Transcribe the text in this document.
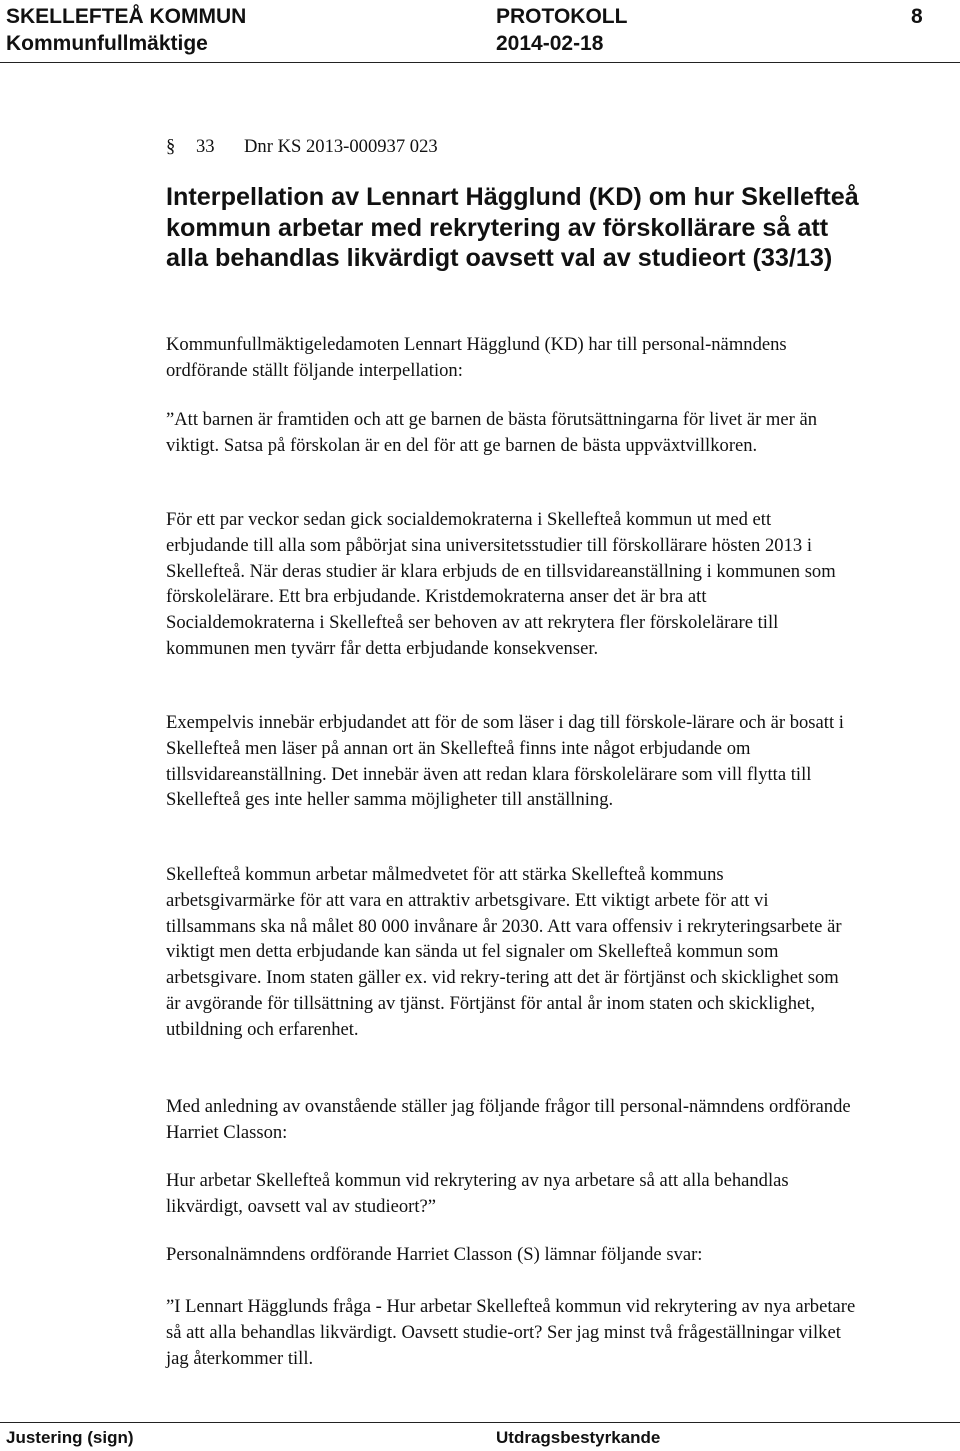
SKELLEFTEÅ KOMMUN	PROTOKOLL	8
Kommunfullmäktige	2014-02-18
§ 33 Dnr KS 2013-000937 023
Interpellation av Lennart Hägglund (KD) om hur Skellefteå kommun arbetar med rekrytering av förskollärare så att alla behandlas likvärdigt oavsett val av studieort (33/13)

Kommunfullmäktigeledamoten Lennart Hägglund (KD) har till personal-nämndens ordförande ställt följande interpellation:

”Att barnen är framtiden och att ge barnen de bästa förutsättningarna för livet är mer än viktigt. Satsa på förskolan är en del för att ge barnen de bästa uppväxtvillkoren.

För ett par veckor sedan gick socialdemokraterna i Skellefteå kommun ut med ett erbjudande till alla som påbörjat sina universitetsstudier till förskollärare hösten 2013 i Skellefteå. När deras studier är klara erbjuds de en tillsvidareanställning i kommunen som förskolelärare. Ett bra erbjudande. Kristdemokraterna anser det är bra att Socialdemokraterna i Skellefteå ser behoven av att rekrytera fler förskolelärare till kommunen men tyvärr får detta erbjudande konsekvenser.

Exempelvis innebär erbjudandet att för de som läser i dag till förskole-lärare och är bosatt i Skellefteå men läser på annan ort än Skellefteå finns inte något erbjudande om tillsvidareanställning. Det innebär även att redan klara förskolelärare som vill flytta till Skellefteå ges inte heller samma möjligheter till anställning.

Skellefteå kommun arbetar målmedvetet för att stärka Skellefteå kommuns arbetsgivarmärke för att vara en attraktiv arbetsgivare. Ett viktigt arbete för att vi tillsammans ska nå målet 80 000 invånare år 2030. Att vara offensiv i rekryteringsarbete är viktigt men detta erbjudande kan sända ut fel signaler om Skellefteå kommun som arbetsgivare. Inom staten gäller ex. vid rekry-tering att det är förtjänst och skicklighet som är avgörande för tillsättning av tjänst. Förtjänst för antal år inom staten och skicklighet, utbildning och erfarenhet.

Med anledning av ovanstående ställer jag följande frågor till personal-nämndens ordförande Harriet Classon:

Hur arbetar Skellefteå kommun vid rekrytering av nya arbetare så att alla behandlas likvärdigt, oavsett val av studieort?”

Personalnämndens ordförande Harriet Classon (S) lämnar följande svar:

”I Lennart Hägglunds fråga - Hur arbetar Skellefteå kommun vid rekrytering av nya arbetare så att alla behandlas likvärdigt. Oavsett studie-ort? Ser jag minst två frågeställningar vilket jag återkommer till.

Justering (sign)	Utdragsbestyrkande
